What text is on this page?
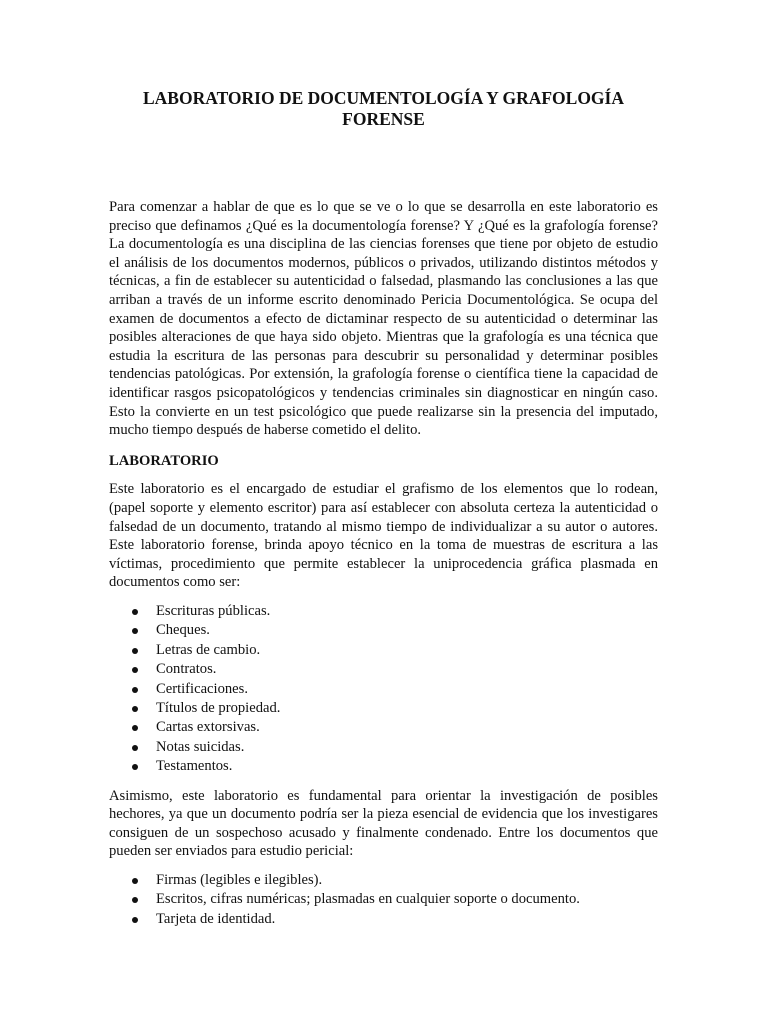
LABORATORIO DE DOCUMENTOLOGÍA Y GRAFOLOGÍA FORENSE

Para comenzar a hablar de que es lo que se ve o lo que se desarrolla en este laboratorio es preciso que definamos ¿Qué es la documentología forense? Y ¿Qué es la grafología forense? La documentología es una disciplina de las ciencias forenses que tiene por objeto de estudio el análisis de los documentos modernos, públicos o privados, utilizando distintos métodos y técnicas, a fin de establecer su autenticidad o falsedad, plasmando las conclusiones a las que arriban a través de un informe escrito denominado Pericia Documentológica. Se ocupa del examen de documentos a efecto de dictaminar respecto de su autenticidad o determinar las posibles alteraciones de que haya sido objeto. Mientras que la grafología es una técnica que estudia la escritura de las personas para descubrir su personalidad y determinar posibles tendencias patológicas. Por extensión, la grafología forense o científica tiene la capacidad de identificar rasgos psicopatológicos y tendencias criminales sin diagnosticar en ningún caso. Esto la convierte en un test psicológico que puede realizarse sin la presencia del imputado, mucho tiempo después de haberse cometido el delito.

LABORATORIO

Este laboratorio es el encargado de estudiar el grafismo de los elementos que lo rodean, (papel soporte y elemento escritor) para así establecer con absoluta certeza la autenticidad o falsedad de un documento, tratando al mismo tiempo de individualizar a su autor o autores. Este laboratorio forense, brinda apoyo técnico en la toma de muestras de escritura a las víctimas, procedimiento que permite establecer la uniprocedencia gráfica plasmada en documentos como ser:

Escrituras públicas.
Cheques.
Letras de cambio.
Contratos.
Certificaciones.
Títulos de propiedad.
Cartas extorsivas.
Notas suicidas.
Testamentos.

Asimismo, este laboratorio es fundamental para orientar la investigación de posibles hechores, ya que un documento podría ser la pieza esencial de evidencia que los investigares consiguen de un sospechoso acusado y finalmente condenado. Entre los documentos que pueden ser enviados para estudio pericial:

Firmas (legibles e ilegibles).
Escritos, cifras numéricas; plasmadas en cualquier soporte o documento.
Tarjeta de identidad.
